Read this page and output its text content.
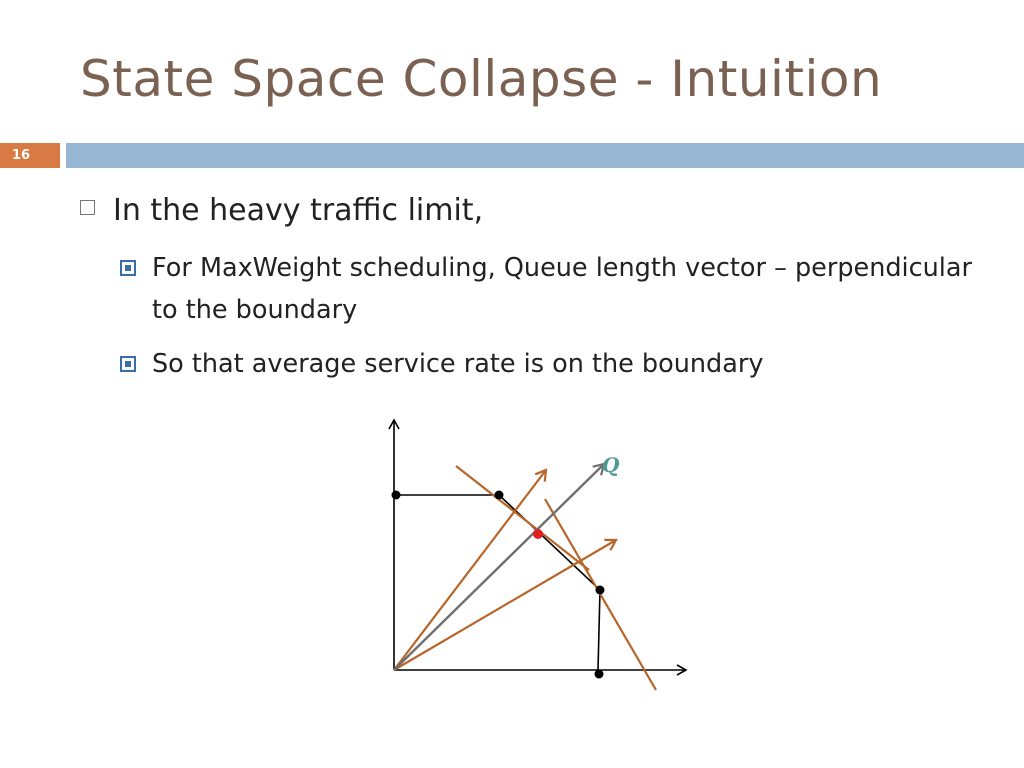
State Space Collapse - Intuition
16
In the heavy traffic limit,
For MaxWeight scheduling, Queue length vector – perpendicular to the boundary
So that average service rate is on the boundary
Q
